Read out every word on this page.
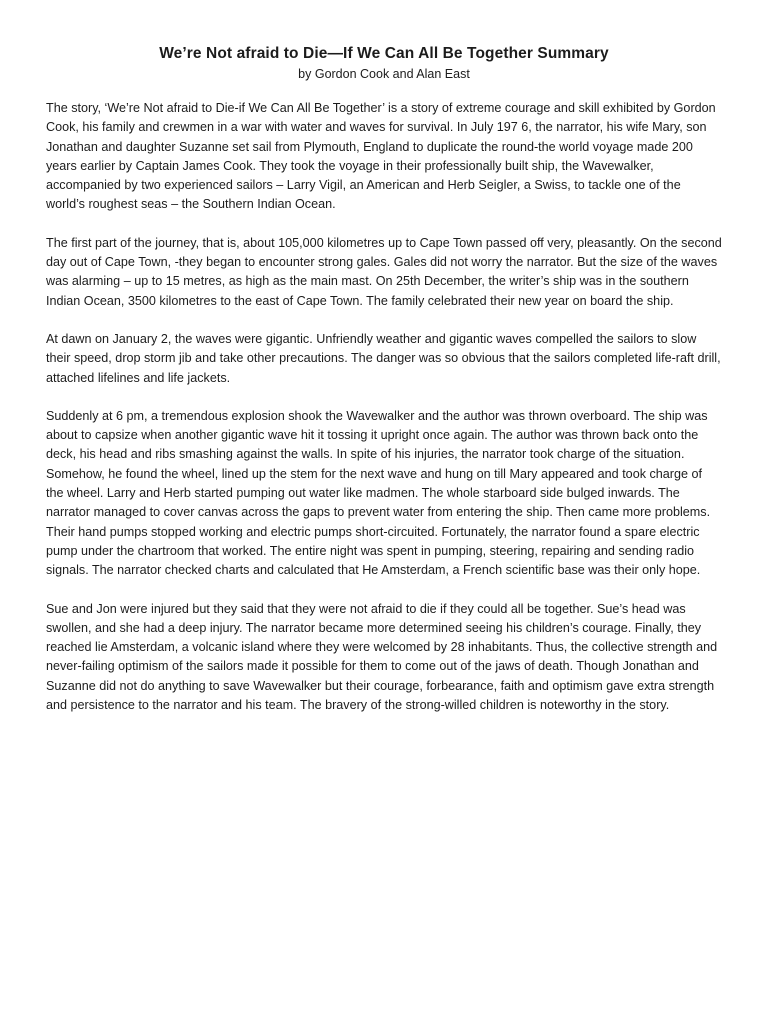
We’re Not afraid to Die—If We Can All Be Together Summary

by Gordon Cook and Alan East

The story, ‘We’re Not afraid to Die-if We Can All Be Together’ is a story of extreme courage and skill exhibited by Gordon Cook, his family and crewmen in a war with water and waves for survival. In July 197 6, the narrator, his wife Mary, son Jonathan and daughter Suzanne set sail from Plymouth, England to duplicate the round-the world voyage made 200 years earlier by Captain James Cook. They took the voyage in their professionally built ship, the Wavewalker, accompanied by two experienced sailors – Larry Vigil, an American and Herb Seigler, a Swiss, to tackle one of the world’s roughest seas – the Southern Indian Ocean.

The first part of the journey, that is, about 105,000 kilometres up to Cape Town passed off very, pleasantly. On the second day out of Cape Town, -they began to encounter strong gales. Gales did not worry the narrator. But the size of the waves was alarming – up to 15 metres, as high as the main mast. On 25th December, the writer’s ship was in the southern Indian Ocean, 3500 kilometres to the east of Cape Town. The family celebrated their new year on board the ship.

At dawn on January 2, the waves were gigantic. Unfriendly weather and gigantic waves compelled the sailors to slow their speed, drop storm jib and take other precautions. The danger was so obvious that the sailors completed life-raft drill, attached lifelines and life jackets.

Suddenly at 6 pm, a tremendous explosion shook the Wavewalker and the author was thrown overboard. The ship was about to capsize when another gigantic wave hit it tossing it upright once again. The author was thrown back onto the deck, his head and ribs smashing against the walls. In spite of his injuries, the narrator took charge of the situation. Somehow, he found the wheel, lined up the stem for the next wave and hung on till Mary appeared and took charge of the wheel. Larry and Herb started pumping out water like madmen. The whole starboard side bulged inwards. The narrator managed to cover canvas across the gaps to prevent water from entering the ship. Then came more problems. Their hand pumps stopped working and electric pumps short-circuited. Fortunately, the narrator found a spare electric pump under the chartroom that worked. The entire night was spent in pumping, steering, repairing and sending radio signals. The narrator checked charts and calculated that He Amsterdam, a French scientific base was their only hope.

Sue and Jon were injured but they said that they were not afraid to die if they could all be together. Sue’s head was swollen, and she had a deep injury. The narrator became more determined seeing his children’s courage. Finally, they reached lie Amsterdam, a volcanic island where they were welcomed by 28 inhabitants. Thus, the collective strength and never-failing optimism of the sailors made it possible for them to come out of the jaws of death. Though Jonathan and Suzanne did not do anything to save Wavewalker but their courage, forbearance, faith and optimism gave extra strength and persistence to the narrator and his team. The bravery of the strong-willed children is noteworthy in the story.
